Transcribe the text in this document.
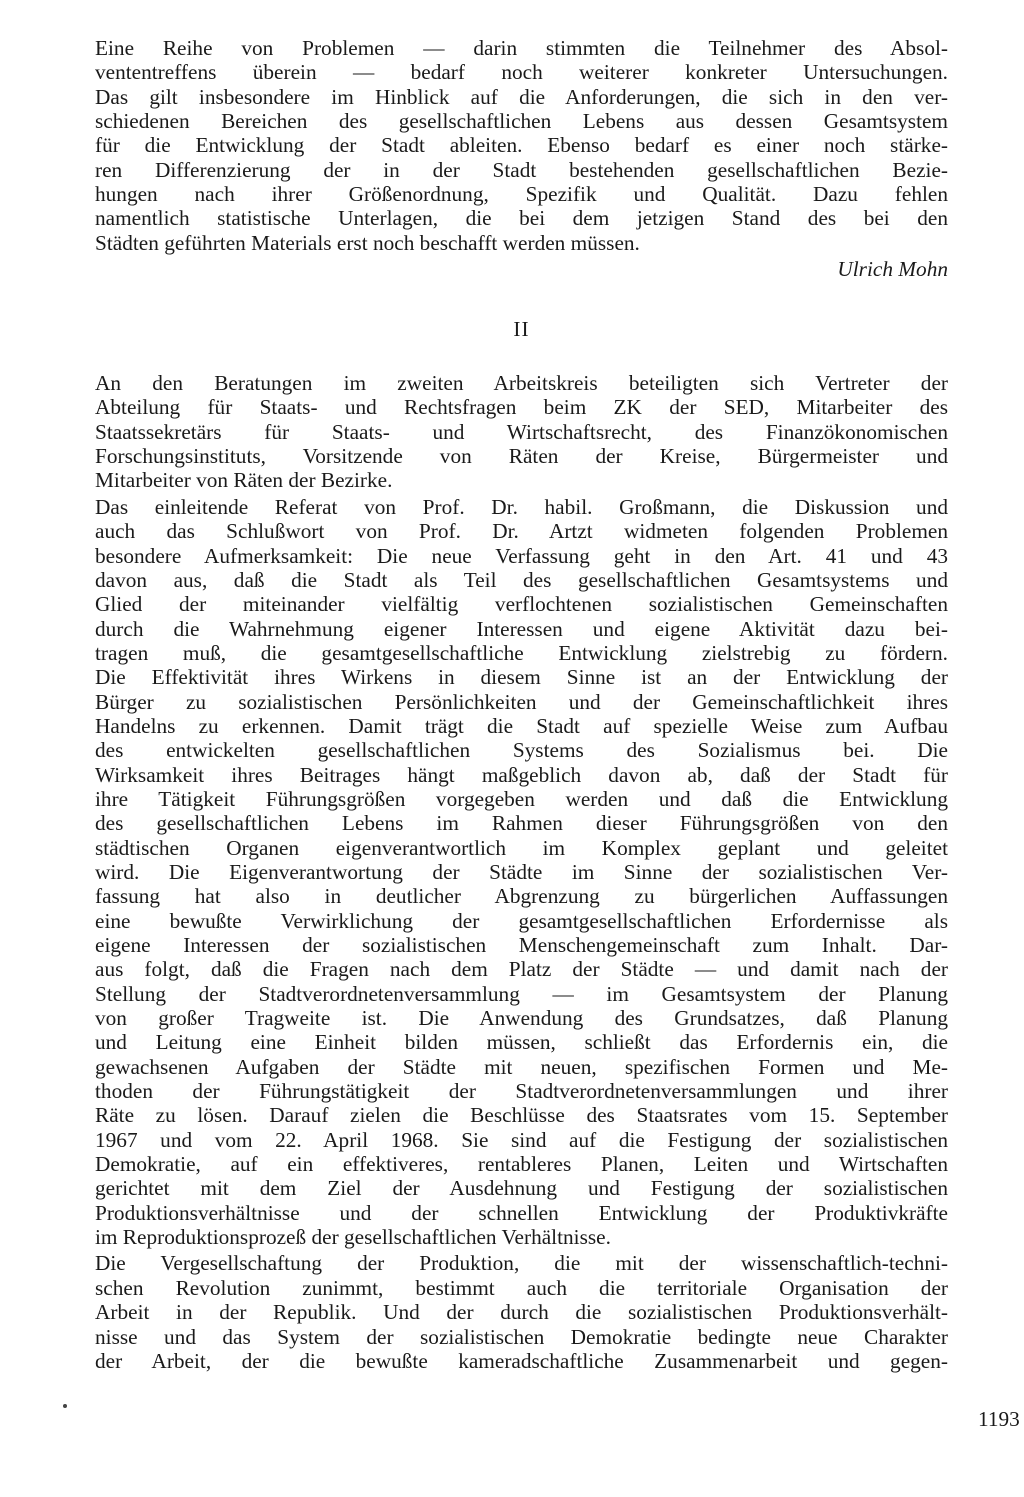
Eine Reihe von Problemen — darin stimmten die Teilnehmer des Absol-
vententreffens überein — bedarf noch weiterer konkreter Untersuchungen.
Das gilt insbesondere im Hinblick auf die Anforderungen, die sich in den ver-
schiedenen Bereichen des gesellschaftlichen Lebens aus dessen Gesamtsystem
für die Entwicklung der Stadt ableiten. Ebenso bedarf es einer noch stärke-
ren Differenzierung der in der Stadt bestehenden gesellschaftlichen Bezie-
hungen nach ihrer Größenordnung, Spezifik und Qualität. Dazu fehlen
namentlich statistische Unterlagen, die bei dem jetzigen Stand des bei den
Städten geführten Materials erst noch beschafft werden müssen.

Ulrich Mohn

II

An den Beratungen im zweiten Arbeitskreis beteiligten sich Vertreter der
Abteilung für Staats- und Rechtsfragen beim ZK der SED, Mitarbeiter des
Staatssekretärs für Staats- und Wirtschaftsrecht, des Finanzökonomischen
Forschungsinstituts, Vorsitzende von Räten der Kreise, Bürgermeister und
Mitarbeiter von Räten der Bezirke.

Das einleitende Referat von Prof. Dr. habil. Großmann, die Diskussion und
auch das Schlußwort von Prof. Dr. Artzt widmeten folgenden Problemen
besondere Aufmerksamkeit: Die neue Verfassung geht in den Art. 41 und 43
davon aus, daß die Stadt als Teil des gesellschaftlichen Gesamtsystems und
Glied der miteinander vielfältig verflochtenen sozialistischen Gemeinschaften
durch die Wahrnehmung eigener Interessen und eigene Aktivität dazu bei-
tragen muß, die gesamtgesellschaftliche Entwicklung zielstrebig zu fördern.
Die Effektivität ihres Wirkens in diesem Sinne ist an der Entwicklung der
Bürger zu sozialistischen Persönlichkeiten und der Gemeinschaftlichkeit ihres
Handelns zu erkennen. Damit trägt die Stadt auf spezielle Weise zum Aufbau
des entwickelten gesellschaftlichen Systems des Sozialismus bei. Die
Wirksamkeit ihres Beitrages hängt maßgeblich davon ab, daß der Stadt für
ihre Tätigkeit Führungsgrößen vorgegeben werden und daß die Entwicklung
des gesellschaftlichen Lebens im Rahmen dieser Führungsgrößen von den
städtischen Organen eigenverantwortlich im Komplex geplant und geleitet
wird. Die Eigenverantwortung der Städte im Sinne der sozialistischen Ver-
fassung hat also in deutlicher Abgrenzung zu bürgerlichen Auffassungen
eine bewußte Verwirklichung der gesamtgesellschaftlichen Erfordernisse als
eigene Interessen der sozialistischen Menschengemeinschaft zum Inhalt. Dar-
aus folgt, daß die Fragen nach dem Platz der Städte — und damit nach der
Stellung der Stadtverordnetenversammlung — im Gesamtsystem der Planung
von großer Tragweite ist. Die Anwendung des Grundsatzes, daß Planung
und Leitung eine Einheit bilden müssen, schließt das Erfordernis ein, die
gewachsenen Aufgaben der Städte mit neuen, spezifischen Formen und Me-
thoden der Führungstätigkeit der Stadtverordnetenversammlungen und ihrer
Räte zu lösen. Darauf zielen die Beschlüsse des Staatsrates vom 15. September
1967 und vom 22. April 1968. Sie sind auf die Festigung der sozialistischen
Demokratie, auf ein effektiveres, rentableres Planen, Leiten und Wirtschaften
gerichtet mit dem Ziel der Ausdehnung und Festigung der sozialistischen
Produktionsverhältnisse und der schnellen Entwicklung der Produktivkräfte
im Reproduktionsprozeß der gesellschaftlichen Verhältnisse.

Die Vergesellschaftung der Produktion, die mit der wissenschaftlich-techni-
schen Revolution zunimmt, bestimmt auch die territoriale Organisation der
Arbeit in der Republik. Und der durch die sozialistischen Produktionsverhält-
nisse und das System der sozialistischen Demokratie bedingte neue Charakter
der Arbeit, der die bewußte kameradschaftliche Zusammenarbeit und gegen-

1193
